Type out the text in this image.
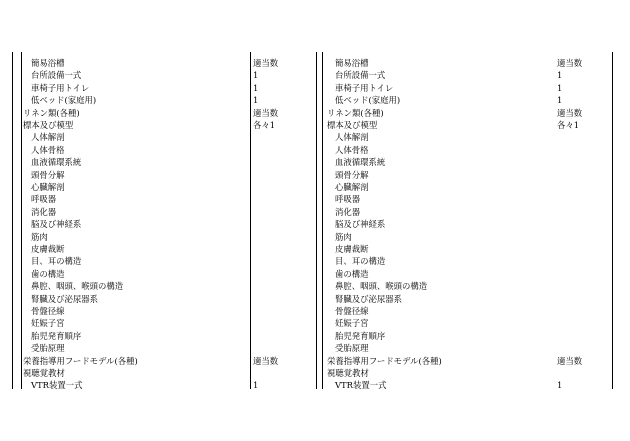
簡易浴槽	適当数
台所設備一式	1
車椅子用トイレ	1
低ベッド(家庭用)	1
リネン類(各種)	適当数
標本及び模型	各々1
人体解剖
人体骨格
血液循環系統
頭骨分解
心臓解剖
呼吸器
消化器
脳及び神経系
筋肉
皮膚裁断
目、耳の構造
歯の構造
鼻腔、咽頭、喉頭の構造
腎臓及び泌尿器系
骨盤径線
妊娠子宮
胎児発育順序
受胎原理
栄養指導用フードモデル(各種)	適当数
視聴覚教材
VTR装置一式	1
簡易浴槽	適当数
台所設備一式	1
車椅子用トイレ	1
低ベッド(家庭用)	1
リネン類(各種)	適当数
標本及び模型	各々1
人体解剖
人体骨格
血液循環系統
頭骨分解
心臓解剖
呼吸器
消化器
脳及び神経系
筋肉
皮膚裁断
目、耳の構造
歯の構造
鼻腔、咽頭、喉頭の構造
腎臓及び泌尿器系
骨盤径線
妊娠子宮
胎児発育順序
受胎原理
栄養指導用フードモデル(各種)	適当数
視聴覚教材
VTR装置一式	1
